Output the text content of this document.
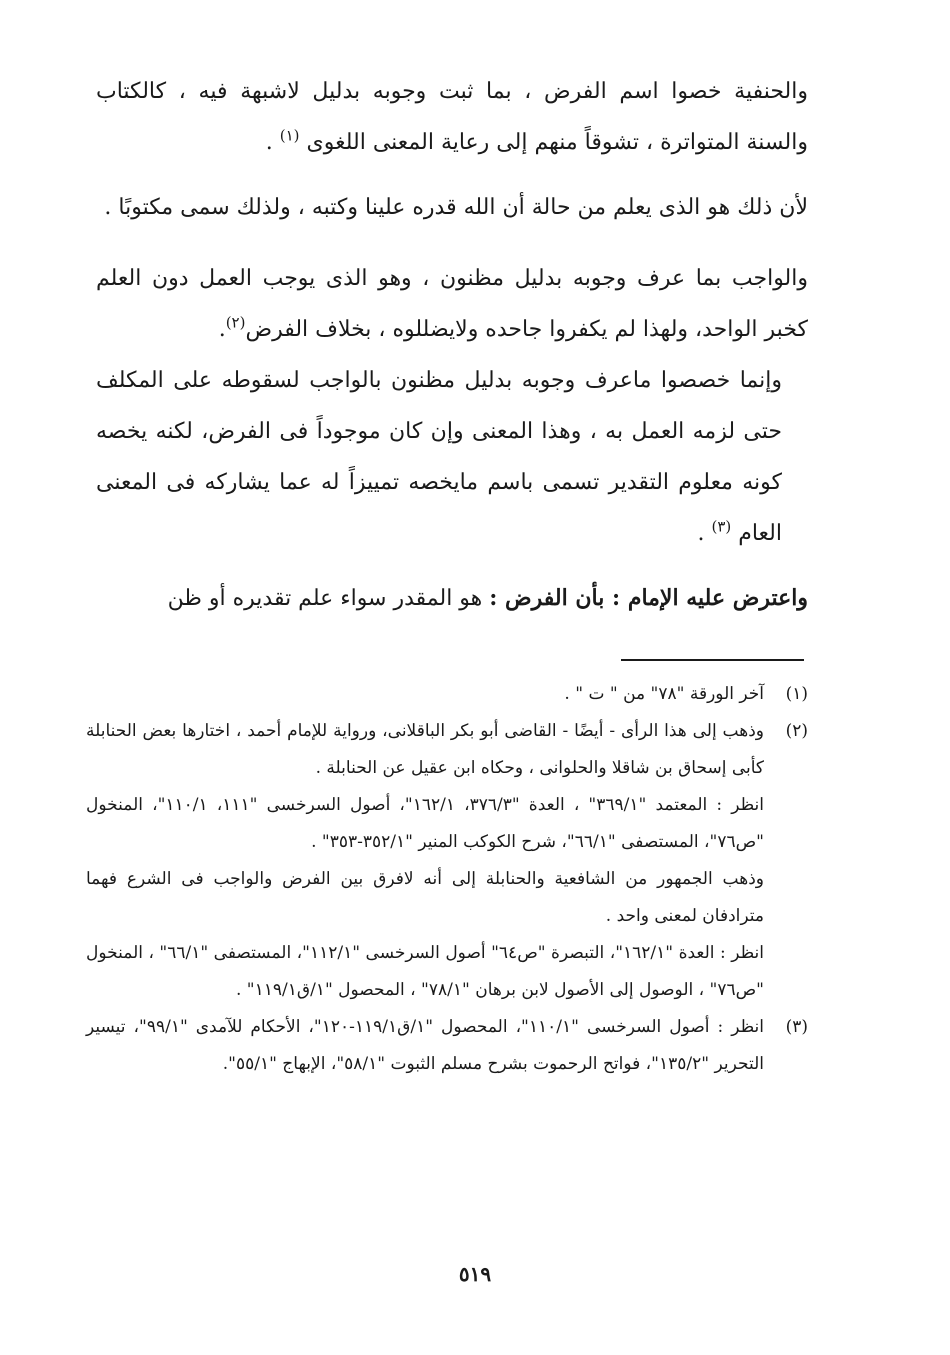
والحنفية خصوا اسم الفرض ، بما ثبت وجوبه بدليل لاشبهة فيه ، كالكتاب والسنة المتواترة ، تشوقاً منهم إلى رعاية المعنى اللغوى $^{(١)}$ .

لأن ذلك هو الذى يعلم من حالة أن الله قدره علينا وكتبه ، ولذلك سمى مكتوبًا .

والواجب بما عرف وجوبه بدليل مظنون ، وهو الذى يوجب العمل دون العلم كخبر الواحد، ولهذا لم يكفروا جاحده ولايضللوه ، بخلاف الفرض$^{(٢)}$.

وإنما خصصوا ماعرف وجوبه بدليل مظنون بالواجب لسقوطه على المكلف حتى لزمه العمل به ، وهذا المعنى وإن كان موجوداً فى الفرض، لكنه يخصه كونه معلوم التقدير تسمى باسم مايخصه تمييزاً له عما يشاركه فى المعنى العام $^{(٣)}$ .

واعترض عليه الإمام : بأن الفرض : هو المقدر سواء علم تقديره أو ظن

(١)

آخر الورقة "٧٨" من " ت " .

(٢)

وذهب إلى هذا الرأى - أيضًا - القاضى أبو بكر الباقلانى، ورواية للإمام أحمد ، اختارها بعض الحنابلة كأبى إسحاق بن شاقلا والحلوانى ، وحكاه ابن عقيل عن الحنابلة .

انظر : المعتمد "٣٦٩/١" ، العدة "٣٧٦/٣، ١٦٢/١"، أصول السرخسى "١١١، ١١٠/١"، المنخول "ص٧٦"، المستصفى "٦٦/١"، شرح الكوكب المنير "٣٥٢/١-٣٥٣" .

وذهب الجمهور من الشافعية والحنابلة إلى أنه لافرق بين الفرض والواجب فى الشرع فهما مترادفان لمعنى واحد .

انظر : العدة "١٦٢/١"، التبصرة "ص٦٤" أصول السرخسى "١١٢/١"، المستصفى "٦٦/١" ، المنخول "ص٧٦" ، الوصول إلى الأصول لابن برهان "٧٨/١" ، المحصول "١/ق١١٩/١" .

(٣)

انظر : أصول السرخسى "١١٠/١"، المحصول "١/ق١١٩/١-١٢٠"، الأحكام للآمدى "٩٩/١"، تيسير التحرير "١٣٥/٢"، فواتح الرحموت بشرح مسلم الثبوت "٥٨/١"، الإبهاج "٥٥/١".

٥١٩
